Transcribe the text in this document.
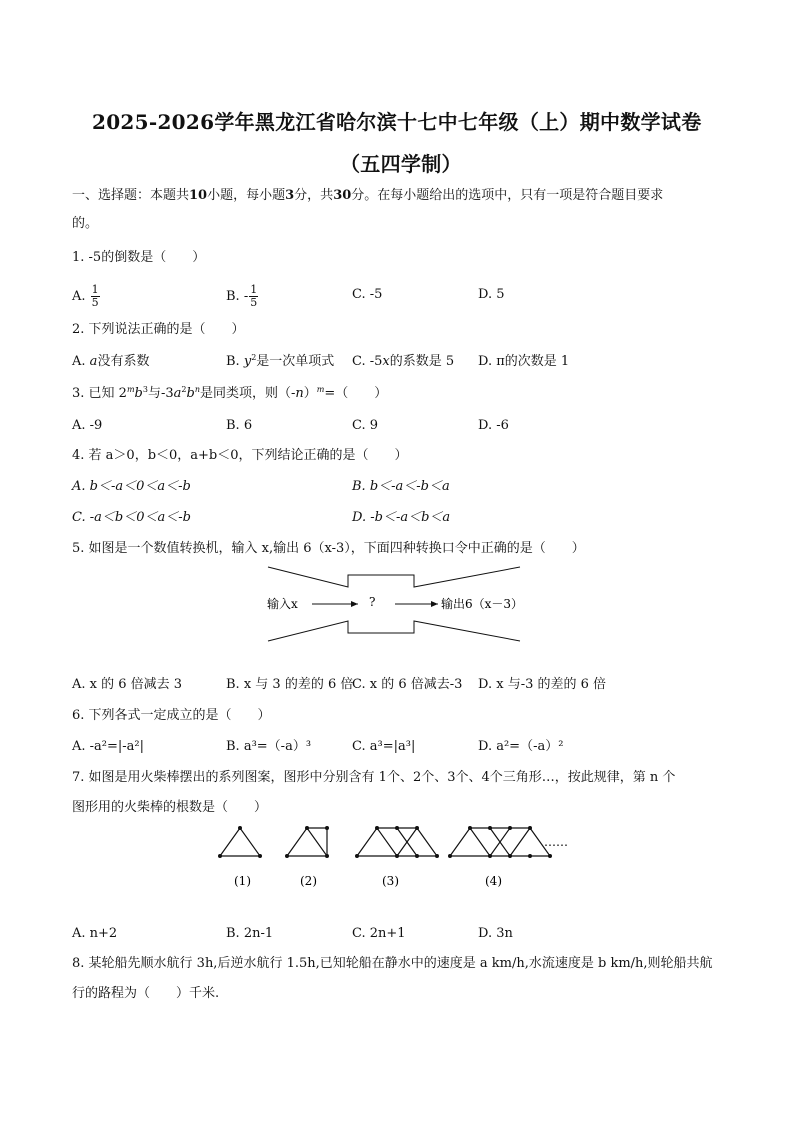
2025-2026学年黑龙江省哈尔滨十七中七年级（上）期中数学试卷
（五四学制）
一、选择题：本题共10小题，每小题3分，共30分。在每小题给出的选项中，只有一项是符合题目要求
的。
1. -5的倒数是（　　）
A. $\frac{1}{5}$	B. - $\frac{1}{5}$	C. -5	D. 5
2. 下列说法正确的是（　　）
A. a没有系数	B. $y^2$是一次单项式 C. -5x的系数是 5 D. π的次数是 1
3. 已知 $2^mb^3$与$-3a^2b^n$是同类项，则$(-n)^m=$（　　）
A. -9	B. 6	C. 9	D. -6
4. 若 a＞0，b＜0，a+b＜0，下列结论正确的是（　　）
A. b＜-a＜0＜a＜-b	B. b＜-a＜-b＜a
C. -a＜b＜0＜a＜-b	D. -b＜-a＜b＜a
5. 如图是一个数值转换机，输入 x,输出 6（x-3），下面四种转换口令中正确的是（　　）
输入x	?	输出6（x－3）
A. x 的 6 倍减去 3	B. x 与 3 的差的 6 倍
C. x 的 6 倍减去-3 D. x 与-3 的差的 6 倍
6. 下列各式一定成立的是（　　）
A. -a²=|-a²|	B. a³=（-a）³	C. a³=|a³|	D. a²=（-a）²
7. 如图是用火柴棒摆出的系列图案，图形中分别含有 1个、2个、3个、4个三角形…，按此规律，第 n 个
图形用的火柴棒的根数是（　　）
……
(1)	(2)	(3)	(4)
A. n+2	B. 2n-1	C. 2n+1	D. 3n
8. 某轮船先顺水航行 3h,后逆水航行 1.5h,已知轮船在静水中的速度是 a km/h,水流速度是 b km/h,则轮船共航
行的路程为（　　）千米.
